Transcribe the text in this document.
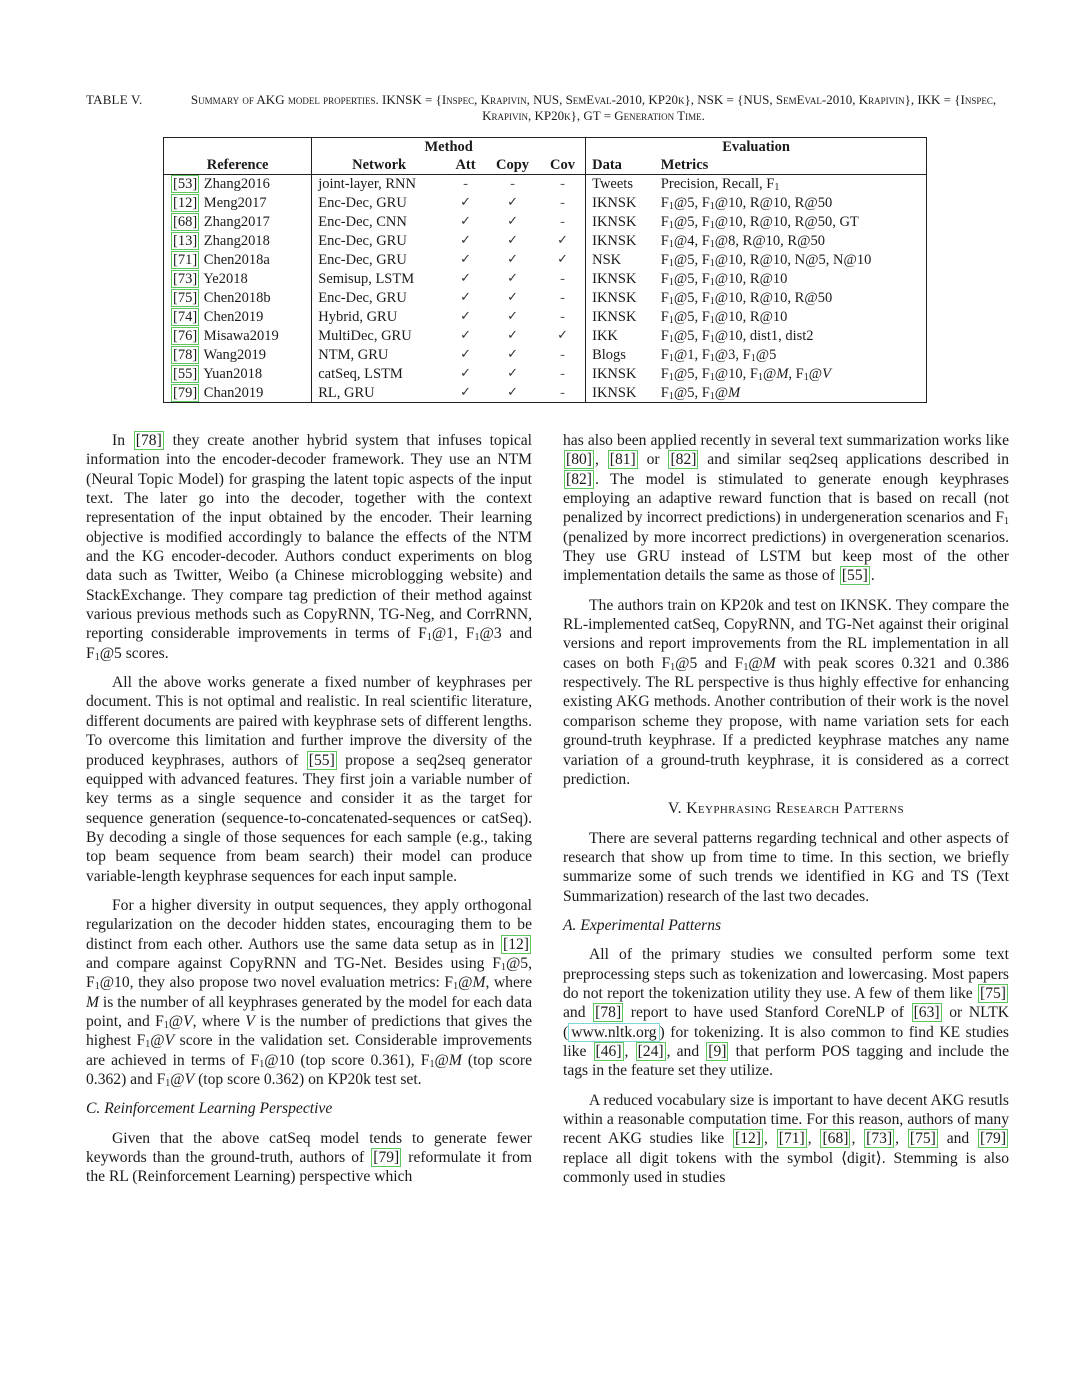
TABLE V.	Summary of AKG model properties. IKNSK = {Inspec, Krapivin, NUS, SemEval-2010, KP20k}, NSK = {NUS, SemEval-2010, Krapivin}, IKK = {Inspec, Krapivin, KP20k}, GT = Generation Time.
	Method				Evaluation	
Reference	Network	Att	Copy	Cov	Data	Metrics
[53] Zhang2016	joint-layer, RNN	-	-	-	Tweets	Precision, Recall, $F_1$
[12] Meng2017	Enc-Dec, GRU	✓	✓	-	IKNSK	$F_1@5$, $F_1@10$, R@10, R@50
[68] Zhang2017	Enc-Dec, CNN	✓	✓	-	IKNSK	$F_1@5$, $F_1@10$, R@10, R@50, GT
[13] Zhang2018	Enc-Dec, GRU	✓	✓	✓	IKNSK	$F_1@4$, $F_1@8$, R@10, R@50
[71] Chen2018a	Enc-Dec, GRU	✓	✓	✓	NSK	$F_1@5$, $F_1@10$, R@10, N@5, N@10
[73] Ye2018	Semisup, LSTM	✓	✓	-	IKNSK	$F_1@5$, $F_1@10$, R@10
[75] Chen2018b	Enc-Dec, GRU	✓	✓	-	IKNSK	$F_1@5$, $F_1@10$, R@10, R@50
[74] Chen2019	Hybrid, GRU	✓	✓	-	IKNSK	$F_1@5$, $F_1@10$, R@10
[76] Misawa2019	MultiDec, GRU	✓	✓	✓	IKK	$F_1@5$, $F_1@10$, dist1, dist2
[78] Wang2019	NTM, GRU	✓	✓	-	Blogs	$F_1@1$, $F_1@3$, $F_1@5$
[55] Yuan2018	catSeq, LSTM	✓	✓	-	IKNSK	$F_1@5$, $F_1@10$, $F_1@M$, $F_1@V$
[79] Chan2019	RL, GRU	✓	✓	-	IKNSK	$F_1@5$, $F_1@M$

In [78] they create another hybrid system that infuses topical information into the encoder-decoder framework. They use an NTM (Neural Topic Model) for grasping the latent topic aspects of the input text. The later go into the decoder, together with the context representation of the input obtained by the encoder. Their learning objective is modified accordingly to balance the effects of the NTM and the KG encoder-decoder. Authors conduct experiments on blog data such as Twitter, Weibo (a Chinese microblogging website) and StackExchange. They compare tag prediction of their method against various previous methods such as CopyRNN, TG-Neg, and CorrRNN, reporting considerable improvements in terms of $F_1@1$, $F_1@3$ and $F_1@5$ scores.

All the above works generate a fixed number of keyphrases per document. This is not optimal and realistic. In real scientific literature, different documents are paired with keyphrase sets of different lengths. To overcome this limitation and further improve the diversity of the produced keyphrases, authors of [55] propose a seq2seq generator equipped with advanced features. They first join a variable number of key terms as a single sequence and consider it as the target for sequence generation (sequence-to-concatenated-sequences or catSeq). By decoding a single of those sequences for each sample (e.g., taking top beam sequence from beam search) their model can produce variable-length keyphrase sequences for each input sample.

For a higher diversity in output sequences, they apply orthogonal regularization on the decoder hidden states, encouraging them to be distinct from each other. Authors use the same data setup as in [12] and compare against CopyRNN and TG-Net. Besides using $F_1@5$, $F_1@10$, they also propose two novel evaluation metrics: $F_1@M$, where M is the number of all keyphrases generated by the model for each data point, and $F_1@V$, where V is the number of predictions that gives the highest $F_1@V$ score in the validation set. Considerable improvements are achieved in terms of $F_1@10$ (top score 0.361), $F_1@M$ (top score 0.362) and $F_1@V$ (top score 0.362) on KP20k test set.

C. Reinforcement Learning Perspective

Given that the above catSeq model tends to generate fewer keywords than the ground-truth, authors of [79] reformulate it from the RL (Reinforcement Learning) perspective which

has also been applied recently in several text summarization works like [80] , [81] or [82] and similar seq2seq applications described in [82] . The model is stimulated to generate enough keyphrases employing an adaptive reward function that is based on recall (not penalized by incorrect predictions) in undergeneration scenarios and $F_1$ (penalized by more incorrect predictions) in overgeneration scenarios. They use GRU instead of LSTM but keep most of the other implementation details the same as those of [55] .

The authors train on KP20k and test on IKNSK. They compare the RL-implemented catSeq, CopyRNN, and TG-Net against their original versions and report improvements from the RL implementation in all cases on both $F_1@5$ and $F_1@M$ with peak scores 0.321 and 0.386 respectively. The RL perspective is thus highly effective for enhancing existing AKG methods. Another contribution of their work is the novel comparison scheme they propose, with name variation sets for each ground-truth keyphrase. If a predicted keyphrase matches any name variation of a ground-truth keyphrase, it is considered as a correct prediction.

V. Keyphrasing Research Patterns

There are several patterns regarding technical and other aspects of research that show up from time to time. In this section, we briefly summarize some of such trends we identified in KG and TS (Text Summarization) research of the last two decades.

A. Experimental Patterns

All of the primary studies we consulted perform some text preprocessing steps such as tokenization and lowercasing. Most papers do not report the tokenization utility they use. A few of them like [75] and [78] report to have used Stanford CoreNLP of [63] or NLTK ( www.nltk.org ) for tokenizing. It is also common to find KE studies like [46] , [24] , and [9] that perform POS tagging and include the tags in the feature set they utilize.

A reduced vocabulary size is important to have decent AKG resutls within a reasonable computation time. For this reason, authors of many recent AKG studies like [12] , [71] , [68] , [73] , [75] and [79] replace all digit tokens with the symbol ⟨digit⟩. Stemming is also commonly used in studies
